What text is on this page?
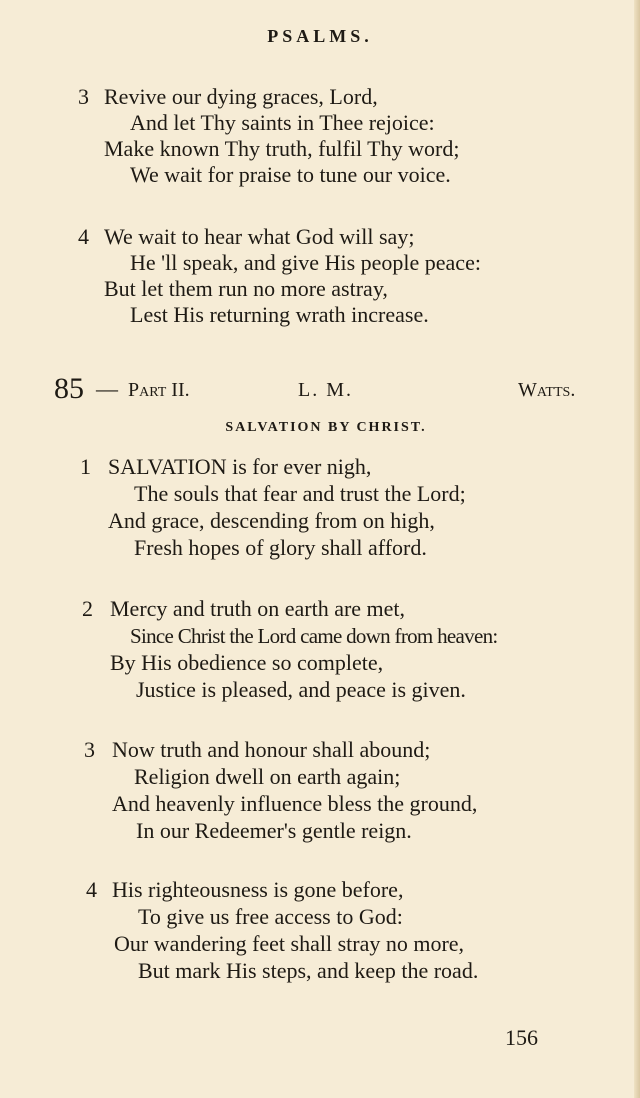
PSALMS.
3 Revive our dying graces, Lord,
And let Thy saints in Thee rejoice:
Make known Thy truth, fulfil Thy word;
We wait for praise to tune our voice.
4 We wait to hear what God will say;
He 'll speak, and give His people peace:
But let them run no more astray,
Lest His returning wrath increase.
85 — Part II.	L. M.	Watts.
SALVATION BY CHRIST.
1 SALVATION is for ever nigh,
The souls that fear and trust the Lord;
And grace, descending from on high,
Fresh hopes of glory shall afford.
2 Mercy and truth on earth are met,
Since Christ the Lord came down from heaven:
By His obedience so complete,
Justice is pleased, and peace is given.
3 Now truth and honour shall abound;
Religion dwell on earth again;
And heavenly influence bless the ground,
In our Redeemer's gentle reign.
4 His righteousness is gone before,
To give us free access to God:
Our wandering feet shall stray no more,
But mark His steps, and keep the road.
156
